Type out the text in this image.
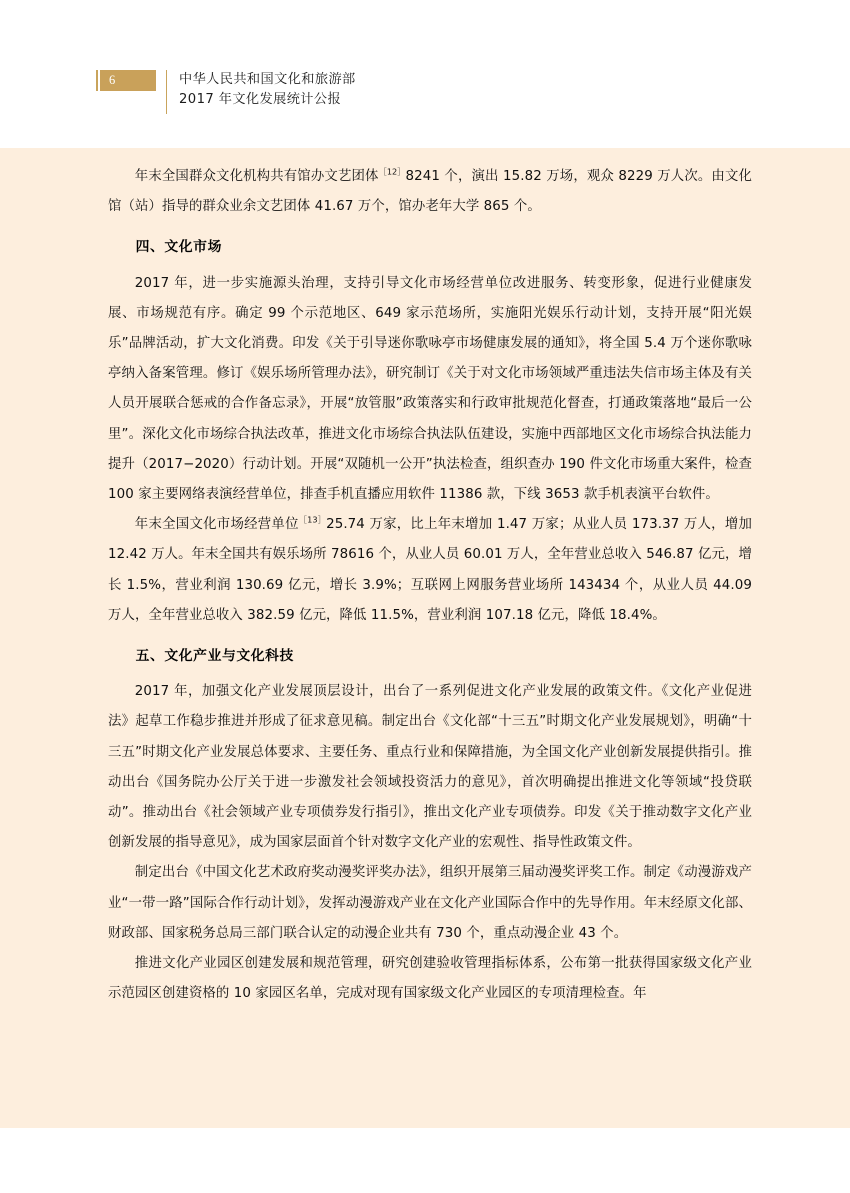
6	中华人民共和国文化和旅游部
2017 年文化发展统计公报

年末全国群众文化机构共有馆办文艺团体$^{[12]}$8241 个，演出 15.82 万场，观众 8229 万人次。由文化馆（站）指导的群众业余文艺团体 41.67 万个，馆办老年大学 865 个。

四、文化市场

2017 年，进一步实施源头治理，支持引导文化市场经营单位改进服务、转变形象，促进行业健康发展、市场规范有序。确定 99 个示范地区、649 家示范场所，实施阳光娱乐行动计划，支持开展“阳光娱乐”品牌活动，扩大文化消费。印发《关于引导迷你歌咏亭市场健康发展的通知》，将全国 5.4 万个迷你歌咏亭纳入备案管理。修订《娱乐场所管理办法》，研究制订《关于对文化市场领域严重违法失信市场主体及有关人员开展联合惩戒的合作备忘录》，开展“放管服”政策落实和行政审批规范化督查，打通政策落地“最后一公里”。深化文化市场综合执法改革，推进文化市场综合执法队伍建设，实施中西部地区文化市场综合执法能力提升（2017−2020）行动计划。开展“双随机一公开”执法检查，组织查办 190 件文化市场重大案件，检查 100 家主要网络表演经营单位，排查手机直播应用软件 11386 款，下线 3653 款手机表演平台软件。

年末全国文化市场经营单位$^{[13]}$25.74 万家，比上年末增加 1.47 万家；从业人员 173.37 万人，增加 12.42 万人。年末全国共有娱乐场所 78616 个，从业人员 60.01 万人，全年营业总收入 546.87 亿元，增长 1.5%，营业利润 130.69 亿元，增长 3.9%；互联网上网服务营业场所 143434 个，从业人员 44.09 万人，全年营业总收入 382.59 亿元，降低 11.5%，营业利润 107.18 亿元，降低 18.4%。

五、文化产业与文化科技

2017 年，加强文化产业发展顶层设计，出台了一系列促进文化产业发展的政策文件。《文化产业促进法》起草工作稳步推进并形成了征求意见稿。制定出台《文化部“十三五”时期文化产业发展规划》，明确“十三五”时期文化产业发展总体要求、主要任务、重点行业和保障措施，为全国文化产业创新发展提供指引。推动出台《国务院办公厅关于进一步激发社会领域投资活力的意见》，首次明确提出推进文化等领域“投贷联动”。推动出台《社会领域产业专项债券发行指引》，推出文化产业专项债券。印发《关于推动数字文化产业创新发展的指导意见》，成为国家层面首个针对数字文化产业的宏观性、指导性政策文件。

制定出台《中国文化艺术政府奖动漫奖评奖办法》，组织开展第三届动漫奖评奖工作。制定《动漫游戏产业“一带一路”国际合作行动计划》，发挥动漫游戏产业在文化产业国际合作中的先导作用。年末经原文化部、财政部、国家税务总局三部门联合认定的动漫企业共有 730 个，重点动漫企业 43 个。

推进文化产业园区创建发展和规范管理，研究创建验收管理指标体系，公布第一批获得国家级文化产业示范园区创建资格的 10 家园区名单，完成对现有国家级文化产业园区的专项清理检查。年
